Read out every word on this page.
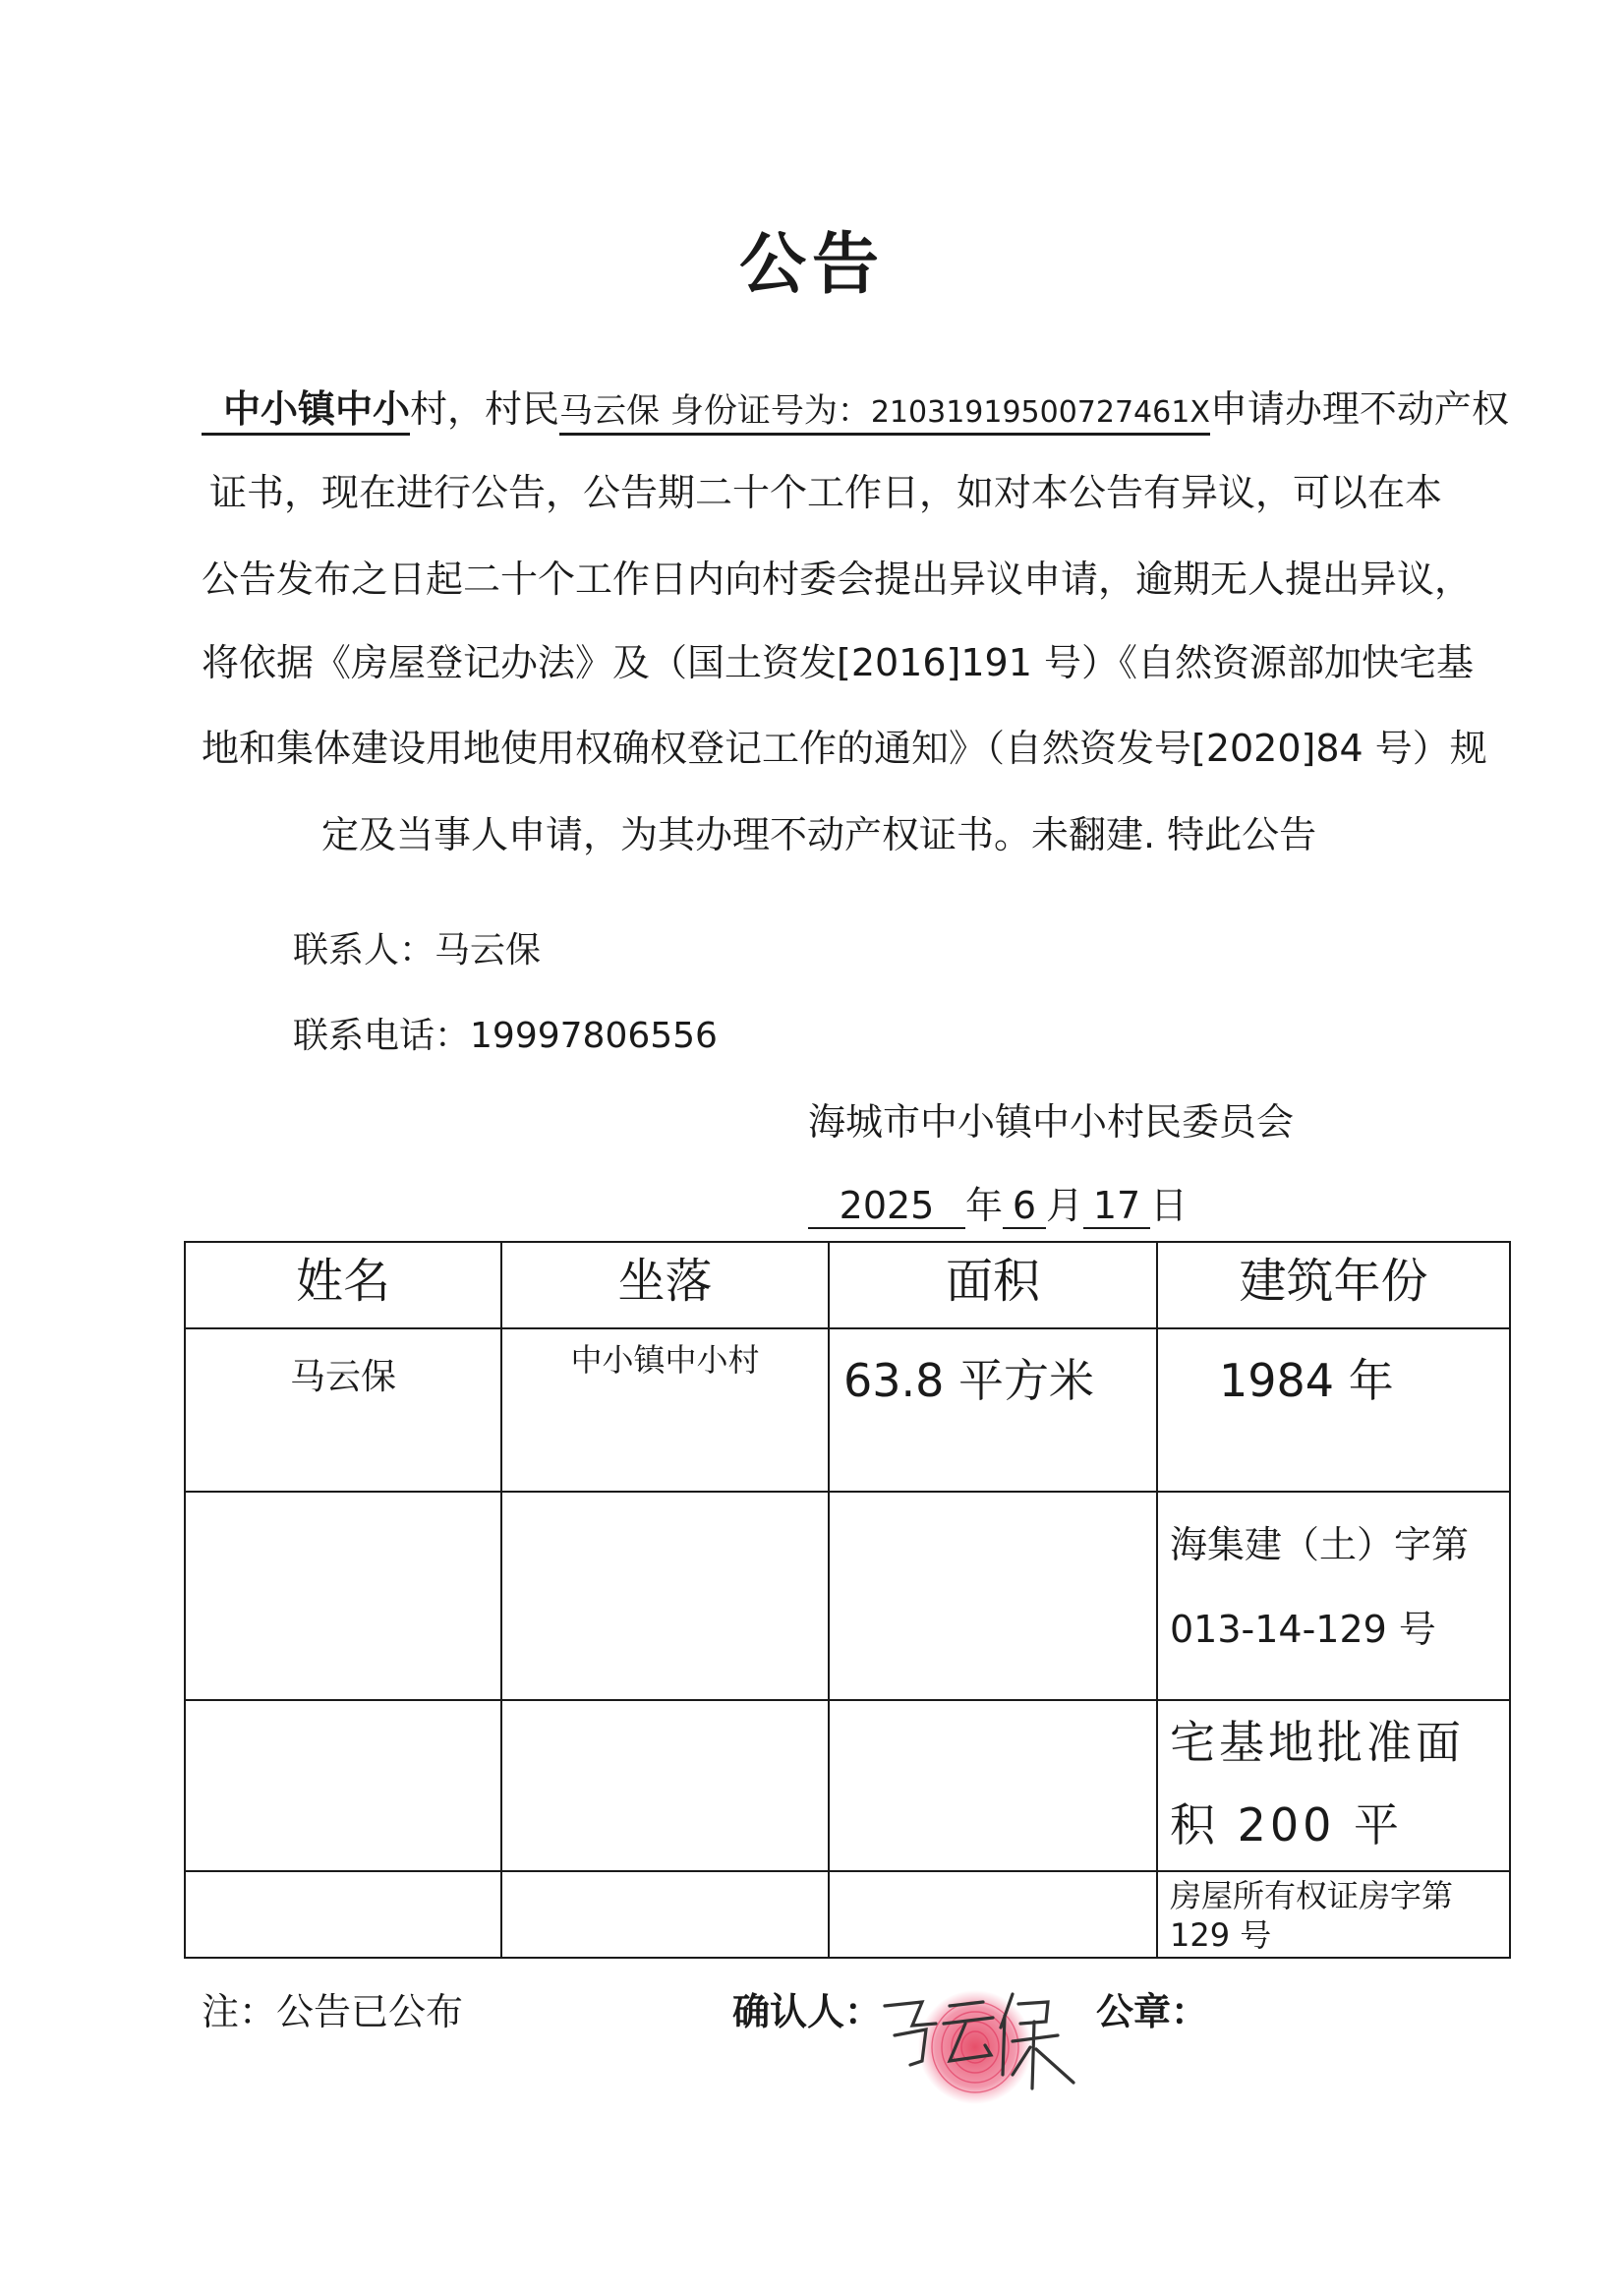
公告
中小镇中小村，村民马云保 身份证号为：21031919500727461X申请办理不动产权
证书，现在进行公告，公告期二十个工作日，如对本公告有异议，可以在本
公告发布之日起二十个工作日内向村委会提出异议申请，逾期无人提出异议，
将依据《房屋登记办法》及（国土资发[2016]191 号）《自然资源部加快宅基
地和集体建设用地使用权确权登记工作的通知》（自然资发号[2020]84 号）规
定及当事人申请，为其办理不动产权证书。未翻建. 特此公告
联系人：马云保
联系电话：19997806556
海城市中小镇中小村民委员会
2025 年 6 月 17 日
姓名	坐落	面积	建筑年份

马云保	中小镇中小村	63.8 平方米	1984 年

			海集建（土）字第
013-14-129 号

			宅基地批准面
积 200 平

			房屋所有权证房字第
129 号
注：公告已公布	确认人：	公章：
